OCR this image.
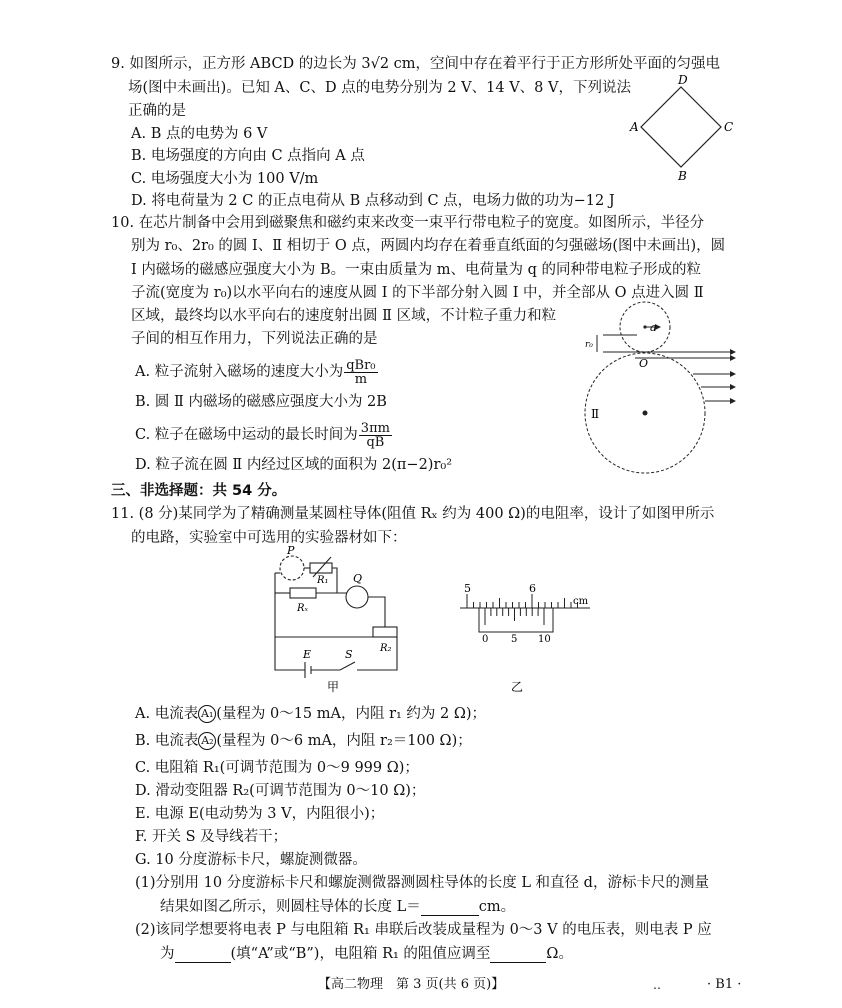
9. 如图所示，正方形 ABCD 的边长为 3√2 cm，空间中存在着平行于正方形所处平面的匀强电
场(图中未画出)。已知 A、C、D 点的电势分别为 2 V、14 V、8 V，下列说法
正确的是
A. B 点的电势为 6 V
B. 电场强度的方向由 C 点指向 A 点
C. 电场强度大小为 100 V/m
D. 将电荷量为 2 C 的正点电荷从 B 点移动到 C 点，电场力做的功为−12 J
D
A	C
B
10. 在芯片制备中会用到磁聚焦和磁约束来改变一束平行带电粒子的宽度。如图所示，半径分
别为 r₀、2r₀ 的圆 Ⅰ、Ⅱ 相切于 O 点，两圆内均存在着垂直纸面的匀强磁场(图中未画出)，圆
Ⅰ 内磁场的磁感应强度大小为 B。一束由质量为 m、电荷量为 q 的同种带电粒子形成的粒
子流(宽度为 r₀)以水平向右的速度从圆 Ⅰ 的下半部分射入圆 Ⅰ 中，并全部从 O 点进入圆 Ⅱ
区域，最终均以水平向右的速度射出圆 Ⅱ 区域，不计粒子重力和粒
子间的相互作用力，下列说法正确的是
A. 粒子流射入磁场的速度大小为 $\frac{\text{qBr₀}}{m}$
B. 圆 Ⅱ 内磁场的磁感应强度大小为 2B
C. 粒子在磁场中运动的最长时间为 $\frac{3\pi m}{qB}$
D. 粒子流在圆 Ⅱ 内经过区域的面积为 2(π−2)r₀²
a
r₀
O
Ⅱ
三、非选择题：共 54 分。
11. (8 分)某同学为了精确测量某圆柱导体(阻值 Rₓ 约为 400 Ω)的电阻率，设计了如图甲所示
的电路，实验室中可选用的实验器材如下：
P
R₁ Q
Rₓ
R₂
E	S
甲
5	6
cm
0 5 10
乙
A. 电流表 A₁ (量程为 0～15 mA，内阻 r₁ 约为 2 Ω)；
B. 电流表 A₂ (量程为 0～6 mA，内阻 r₂＝100 Ω)；
C. 电阻箱 R₁(可调节范围为 0～9 999 Ω)；
D. 滑动变阻器 R₂(可调节范围为 0～10 Ω)；
E. 电源 E(电动势为 3 V，内阻很小)；
F. 开关 S 及导线若干；
G. 10 分度游标卡尺，螺旋测微器。
(1)分别用 10 分度游标卡尺和螺旋测微器测圆柱导体的长度 L 和直径 d，游标卡尺的测量
结果如图乙所示，则圆柱导体的长度 L＝	cm。
(2)该同学想要将电表 P 与电阻箱 R₁ 串联后改装成量程为 0～3 V 的电压表，则电表 P 应
为	(填“A”或“B”)，电阻箱 R₁ 的阻值应调至	Ω。
【高二物理　第 3 页(共 6 页)】	‥	· B1 ·
